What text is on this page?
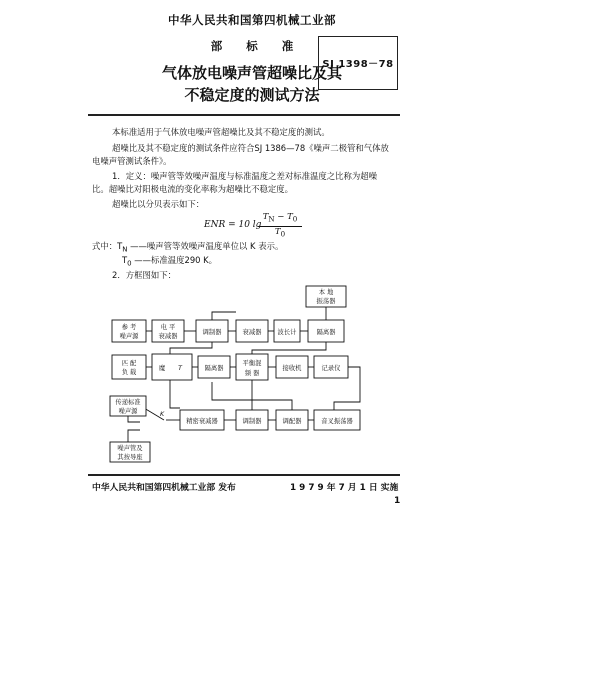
中华人民共和国第四机械工业部
部 标 准
气体放电噪声管超噪比及其
不稳定度的测试方法
SJ 1398－78
本标准适用于气体放电噪声管超噪比及其不稳定度的测试。
超噪比及其不稳定度的测试条件应符合SJ 1386—78《噪声二极管和气体放
电噪声管测试条件》。
1．定义：噪声管等效噪声温度与标准温度之差对标准温度之比称为超噪
比。超噪比对阳极电流的变化率称为超噪比不稳定度。
超噪比以分贝表示如下：
ENR = 10 lg
$T_N - T_0$
$T_0$
式中：$T_N$ ——噪声管等效噪声温度单位以 K 表示。
$T_0$ ——标准温度290 K。
2．方框图如下：
本 地
振荡器
参 考
噪声源
电 平
衰减器
调制器	衰减器	波长计	隔离器
匹 配
负 载
魔 T	隔离器
平衡混
频 器
接收机	记录仪
传递标准
噪声源
精密衰减器	调制器	调配器	音叉振荡器
噪声管及
其按导座
K
中华人民共和国第四机械工业部 发布	1 9 7 9 年 7 月 1 日 实施
1
